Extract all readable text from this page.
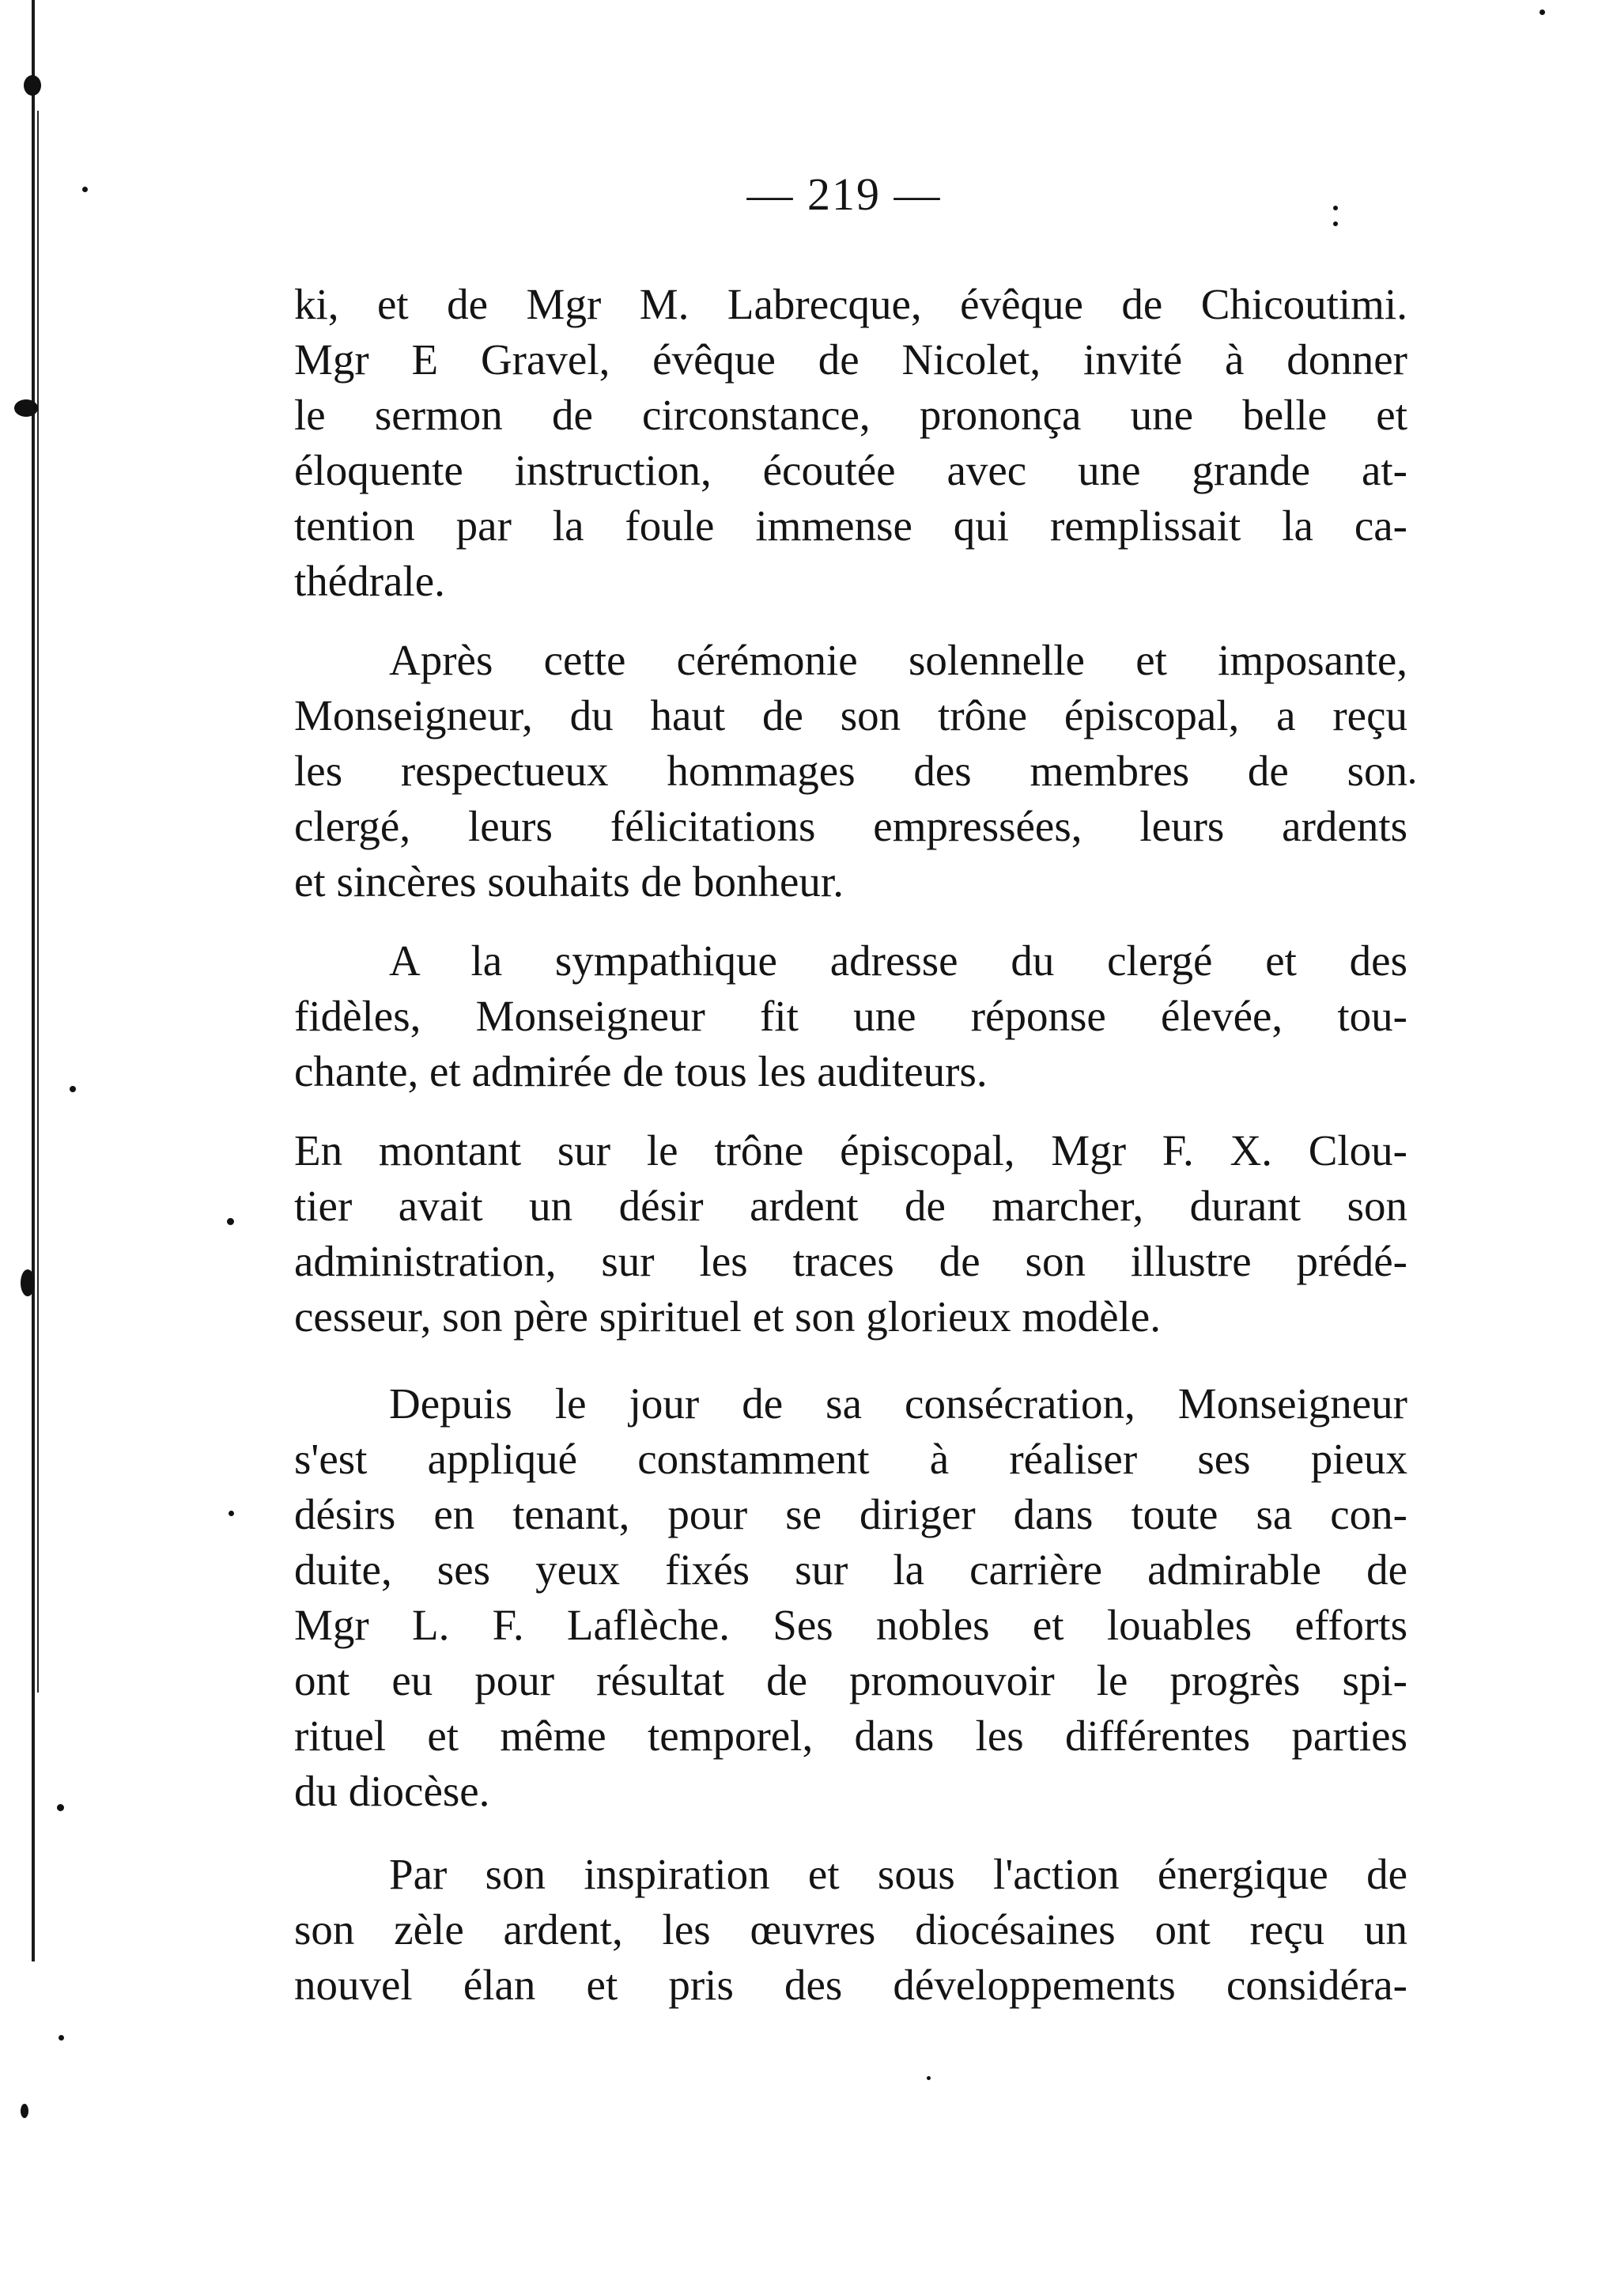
— 219 —
ki, et de Mgr M. Labrecque, évêque de Chicoutimi.
Mgr E Gravel, évêque de Nicolet, invité à donner
le sermon de circonstance, prononça une belle et
éloquente instruction, écoutée avec une grande at-
tention par la foule immense qui remplissait la ca-
thédrale.
Après cette cérémonie solennelle et imposante,
Monseigneur, du haut de son trône épiscopal, a reçu
les respectueux hommages des membres de son
clergé, leurs félicitations empressées, leurs ardents
et sincères souhaits de bonheur.
A la sympathique adresse du clergé et des
fidèles, Monseigneur fit une réponse élevée, tou-
chante, et admirée de tous les auditeurs.
En montant sur le trône épiscopal, Mgr F. X. Clou-
tier avait un désir ardent de marcher, durant son
administration, sur les traces de son illustre prédé-
cesseur, son père spirituel et son glorieux modèle.
Depuis le jour de sa consécration, Monseigneur
s'est appliqué constamment à réaliser ses pieux
désirs en tenant, pour se diriger dans toute sa con-
duite, ses yeux fixés sur la carrière admirable de
Mgr L. F. Laflèche. Ses nobles et louables efforts
ont eu pour résultat de promouvoir le progrès spi-
rituel et même temporel, dans les différentes parties
du diocèse.
Par son inspiration et sous l'action énergique de
son zèle ardent, les œuvres diocésaines ont reçu un
nouvel élan et pris des développements considéra-
